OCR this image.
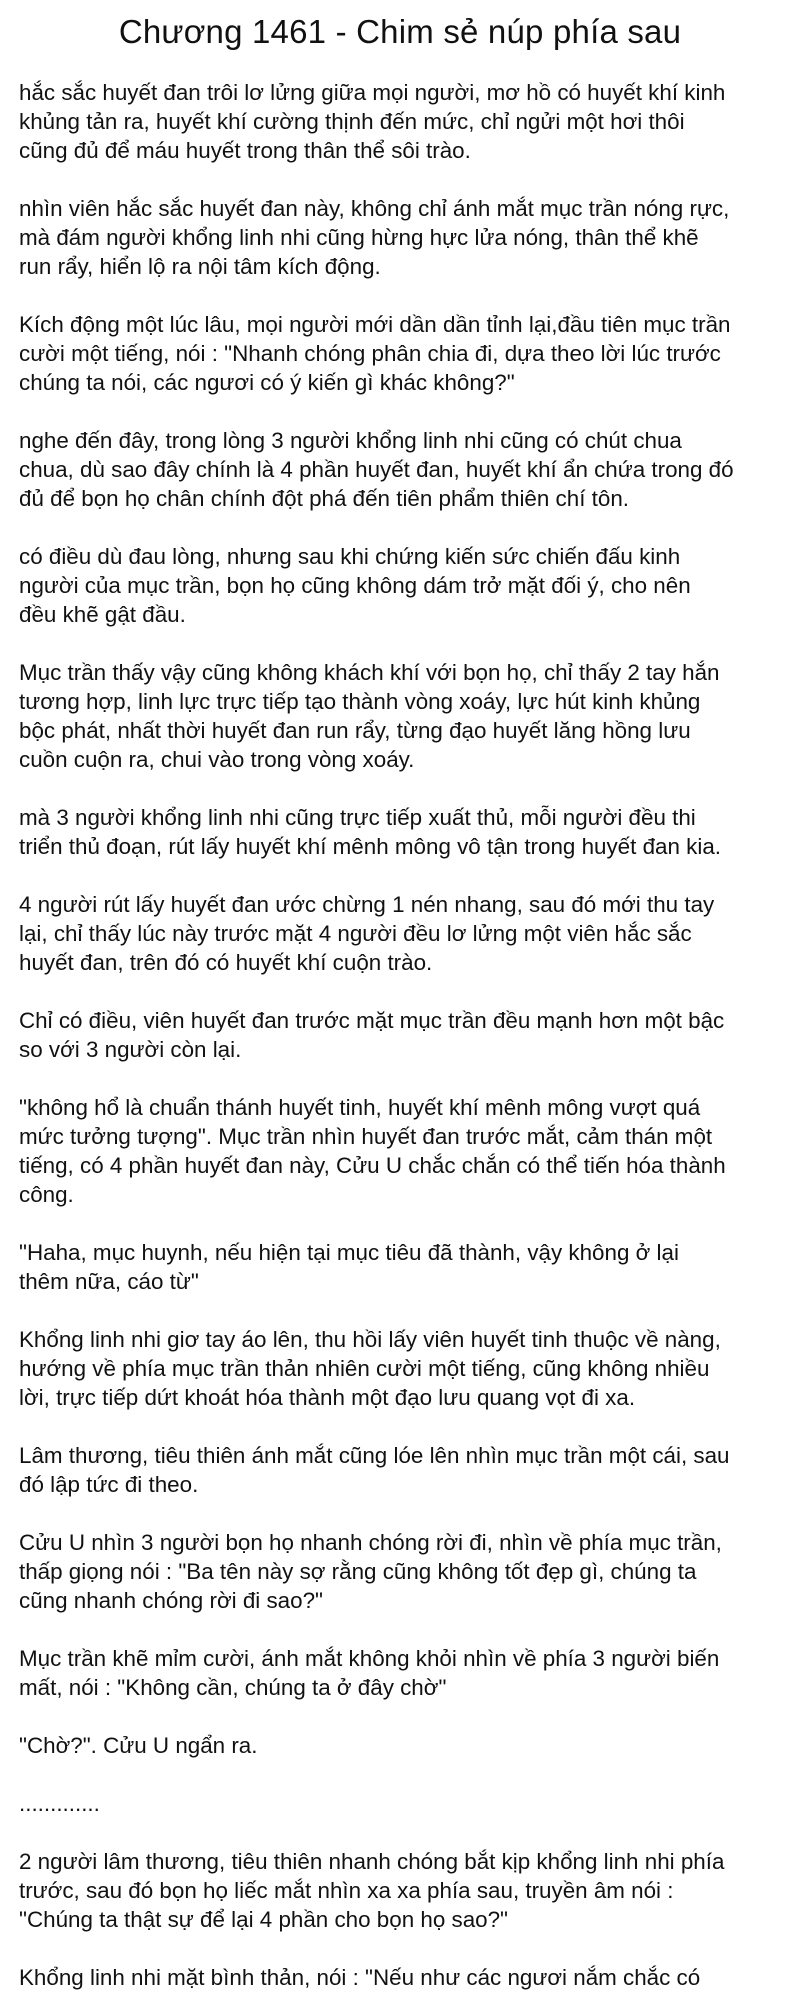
Chương 1461 - Chim sẻ núp phía sau

hắc sắc huyết đan trôi lơ lửng giữa mọi người, mơ hồ có huyết khí kinh
khủng tản ra, huyết khí cường thịnh đến mức, chỉ ngửi một hơi thôi
cũng đủ để máu huyết trong thân thể sôi trào.

nhìn viên hắc sắc huyết đan này, không chỉ ánh mắt mục trần nóng rực,
mà đám người khổng linh nhi cũng hừng hực lửa nóng, thân thể khẽ
run rẩy, hiển lộ ra nội tâm kích động.

Kích động một lúc lâu, mọi người mới dần dần tỉnh lại,đầu tiên mục trần
cười một tiếng, nói : "Nhanh chóng phân chia đi, dựa theo lời lúc trước
chúng ta nói, các ngươi có ý kiến gì khác không?"

nghe đến đây, trong lòng 3 người khổng linh nhi cũng có chút chua
chua, dù sao đây chính là 4 phần huyết đan, huyết khí ẩn chứa trong đó
đủ để bọn họ chân chính đột phá đến tiên phẩm thiên chí tôn.

có điều dù đau lòng, nhưng sau khi chứng kiến sức chiến đấu kinh
người của mục trần, bọn họ cũng không dám trở mặt đối ý, cho nên
đều khẽ gật đầu.

Mục trần thấy vậy cũng không khách khí với bọn họ, chỉ thấy 2 tay hắn
tương hợp, linh lực trực tiếp tạo thành vòng xoáy, lực hút kinh khủng
bộc phát, nhất thời huyết đan run rẩy, từng đạo huyết lăng hồng lưu
cuồn cuộn ra, chui vào trong vòng xoáy.

mà 3 người khổng linh nhi cũng trực tiếp xuất thủ, mỗi người đều thi
triển thủ đoạn, rút lấy huyết khí mênh mông vô tận trong huyết đan kia.

4 người rút lấy huyết đan ước chừng 1 nén nhang, sau đó mới thu tay
lại, chỉ thấy lúc này trước mặt 4 người đều lơ lửng một viên hắc sắc
huyết đan, trên đó có huyết khí cuộn trào.

Chỉ có điều, viên huyết đan trước mặt mục trần đều mạnh hơn một bậc
so với 3 người còn lại.

"không hổ là chuẩn thánh huyết tinh, huyết khí mênh mông vượt quá
mức tưởng tượng". Mục trần nhìn huyết đan trước mắt, cảm thán một
tiếng, có 4 phần huyết đan này, Cửu U chắc chắn có thể tiến hóa thành
công.

"Haha, mục huynh, nếu hiện tại mục tiêu đã thành, vậy không ở lại
thêm nữa, cáo từ"

Khổng linh nhi giơ tay áo lên, thu hồi lấy viên huyết tinh thuộc về nàng,
hướng về phía mục trần thản nhiên cười một tiếng, cũng không nhiều
lời, trực tiếp dứt khoát hóa thành một đạo lưu quang vọt đi xa.

Lâm thương, tiêu thiên ánh mắt cũng lóe lên nhìn mục trần một cái, sau
đó lập tức đi theo.

Cửu U nhìn 3 người bọn họ nhanh chóng rời đi, nhìn về phía mục trần,
thấp giọng nói : "Ba tên này sợ rằng cũng không tốt đẹp gì, chúng ta
cũng nhanh chóng rời đi sao?"

Mục trần khẽ mỉm cười, ánh mắt không khỏi nhìn về phía 3 người biến
mất, nói : "Không cần, chúng ta ở đây chờ"

"Chờ?". Cửu U ngẩn ra.

.............

2 người lâm thương, tiêu thiên nhanh chóng bắt kịp khổng linh nhi phía
trước, sau đó bọn họ liếc mắt nhìn xa xa phía sau, truyền âm nói :
"Chúng ta thật sự để lại 4 phần cho bọn họ sao?"

Khổng linh nhi mặt bình thản, nói : "Nếu như các ngươi nắm chắc có
